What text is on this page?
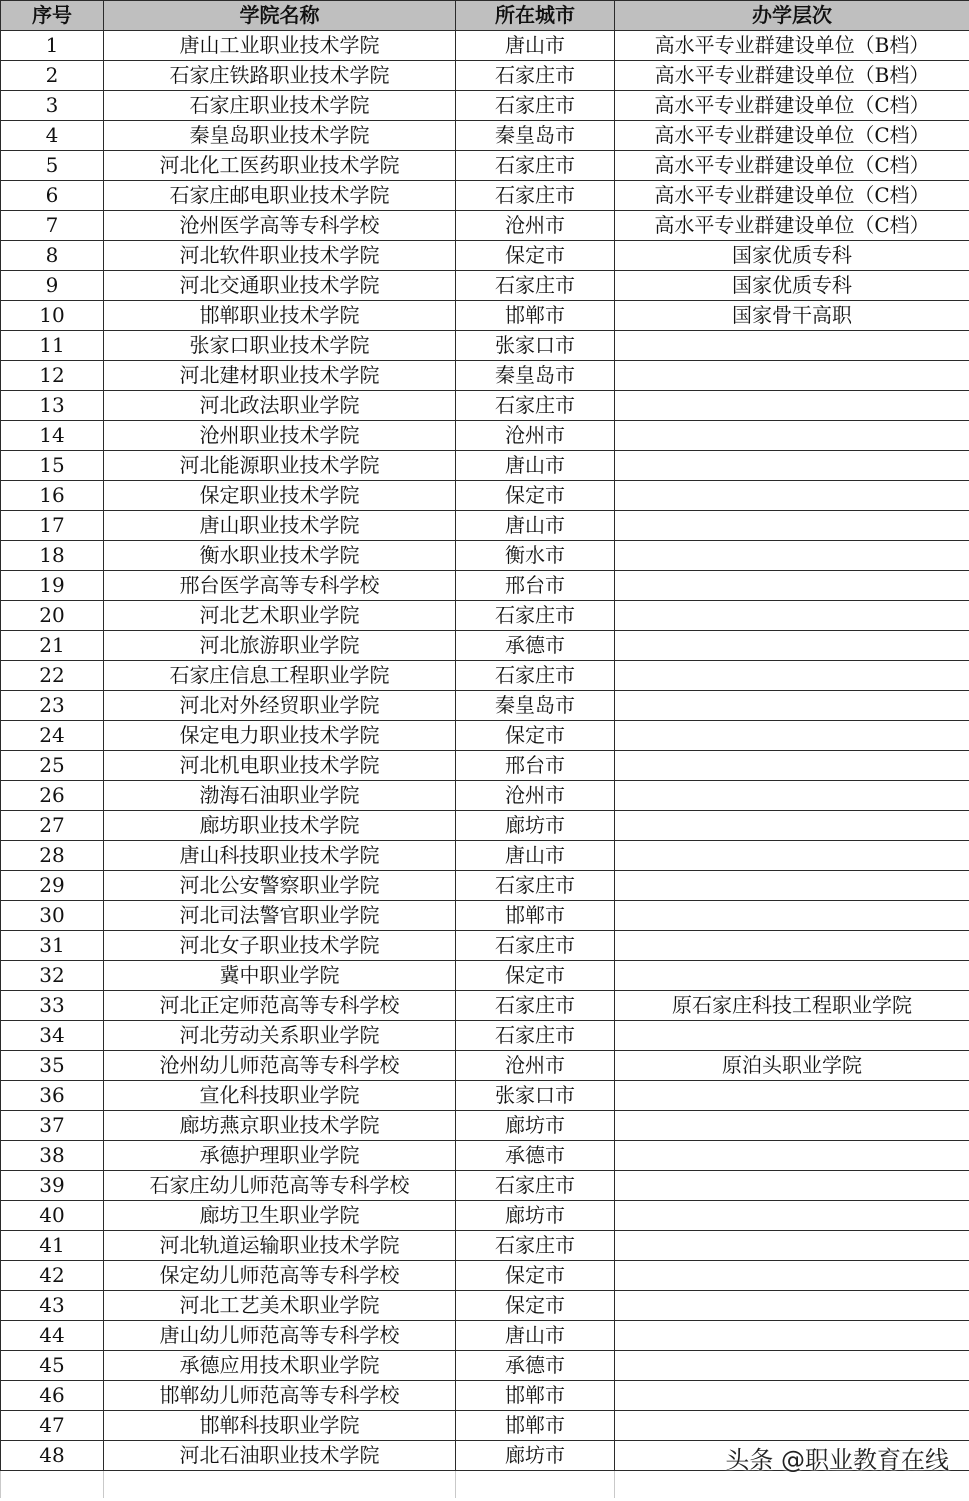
序号	学院名称	所在城市	办学层次
1	唐山工业职业技术学院	唐山市	高水平专业群建设单位（B档）
2	石家庄铁路职业技术学院	石家庄市	高水平专业群建设单位（B档）
3	石家庄职业技术学院	石家庄市	高水平专业群建设单位（C档）
4	秦皇岛职业技术学院	秦皇岛市	高水平专业群建设单位（C档）
5	河北化工医药职业技术学院	石家庄市	高水平专业群建设单位（C档）
6	石家庄邮电职业技术学院	石家庄市	高水平专业群建设单位（C档）
7	沧州医学高等专科学校	沧州市	高水平专业群建设单位（C档）
8	河北软件职业技术学院	保定市	国家优质专科
9	河北交通职业技术学院	石家庄市	国家优质专科
10	邯郸职业技术学院	邯郸市	国家骨干高职
11	张家口职业技术学院	张家口市	
12	河北建材职业技术学院	秦皇岛市	
13	河北政法职业学院	石家庄市	
14	沧州职业技术学院	沧州市	
15	河北能源职业技术学院	唐山市	
16	保定职业技术学院	保定市	
17	唐山职业技术学院	唐山市	
18	衡水职业技术学院	衡水市	
19	邢台医学高等专科学校	邢台市	
20	河北艺术职业学院	石家庄市	
21	河北旅游职业学院	承德市	
22	石家庄信息工程职业学院	石家庄市	
23	河北对外经贸职业学院	秦皇岛市	
24	保定电力职业技术学院	保定市	
25	河北机电职业技术学院	邢台市	
26	渤海石油职业学院	沧州市	
27	廊坊职业技术学院	廊坊市	
28	唐山科技职业技术学院	唐山市	
29	河北公安警察职业学院	石家庄市	
30	河北司法警官职业学院	邯郸市	
31	河北女子职业技术学院	石家庄市	
32	冀中职业学院	保定市	
33	河北正定师范高等专科学校	石家庄市	原石家庄科技工程职业学院
34	河北劳动关系职业学院	石家庄市	
35	沧州幼儿师范高等专科学校	沧州市	原泊头职业学院
36	宣化科技职业学院	张家口市	
37	廊坊燕京职业技术学院	廊坊市	
38	承德护理职业学院	承德市	
39	石家庄幼儿师范高等专科学校	石家庄市	
40	廊坊卫生职业学院	廊坊市	
41	河北轨道运输职业技术学院	石家庄市	
42	保定幼儿师范高等专科学校	保定市	
43	河北工艺美术职业学院	保定市	
44	唐山幼儿师范高等专科学校	唐山市	
45	承德应用技术职业学院	承德市	
46	邯郸幼儿师范高等专科学校	邯郸市	
47	邯郸科技职业学院	邯郸市	
48	河北石油职业技术学院	廊坊市	
				头条 @职业教育在线
